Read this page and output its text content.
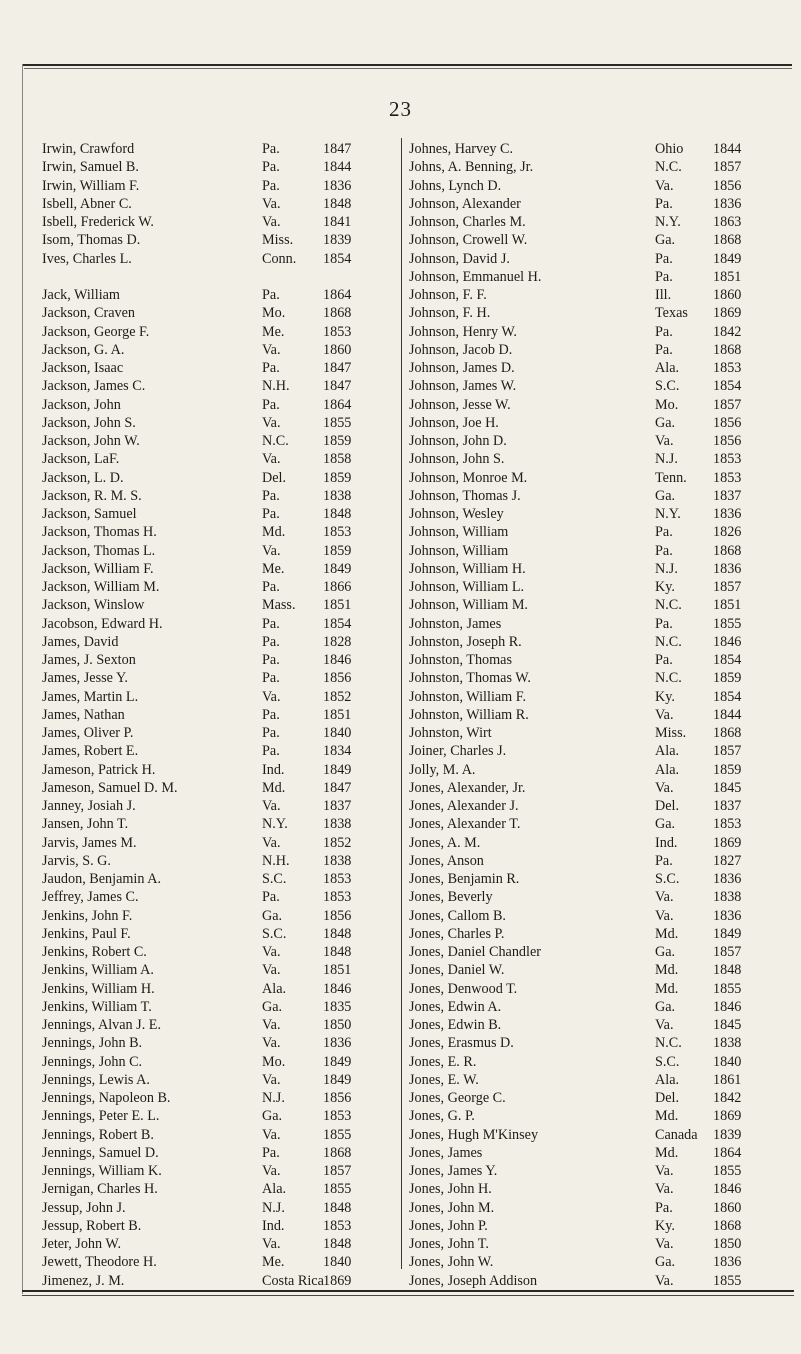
23
Irwin, Crawford	Pa.	1847
Irwin, Samuel B.	Pa.	1844
Irwin, William F.	Pa.	1836
Isbell, Abner C.	Va.	1848
Isbell, Frederick W.	Va.	1841
Isom, Thomas D.	Miss. 1839
Ives, Charles L.	Conn. 1854
Jack, William	Pa.	1864
Jackson, Craven	Mo.	1868
Jackson, George F.	Me.	1853
Jackson, G. A.	Va.	1860
Jackson, Isaac	Pa.	1847
Jackson, James C.	N.H. 1847
Jackson, John	Pa.	1864
Jackson, John S.	Va.	1855
Jackson, John W.	N.C. 1859
Jackson, LaF.	Va.	1858
Jackson, L. D.	Del.	1859
Jackson, R. M. S.	Pa.	1838
Jackson, Samuel	Pa.	1848
Jackson, Thomas H.	Md.	1853
Jackson, Thomas L.	Va.	1859
Jackson, William F.	Me.	1849
Jackson, William M.	Pa.	1866
Jackson, Winslow	Mass. 1851
Jacobson, Edward H.	Pa.	1854
James, David	Pa.	1828
James, J. Sexton	Pa.	1846
James, Jesse Y.	Pa.	1856
James, Martin L.	Va.	1852
James, Nathan	Pa.	1851
James, Oliver P.	Pa.	1840
James, Robert E.	Pa.	1834
Jameson, Patrick H.	Ind.	1849
Jameson, Samuel D. M.	Md.	1847
Janney, Josiah J.	Va.	1837
Jansen, John T.	N.Y. 1838
Jarvis, James M.	Va.	1852
Jarvis, S. G.	N.H. 1838
Jaudon, Benjamin A.	S.C.	1853
Jeffrey, James C.	Pa.	1853
Jenkins, John F.	Ga.	1856
Jenkins, Paul F.	S.C.	1848
Jenkins, Robert C.	Va.	1848
Jenkins, William A.	Va.	1851
Jenkins, William H.	Ala.	1846
Jenkins, William T.	Ga.	1835
Jennings, Alvan J. E.	Va.	1850
Jennings, John B.	Va.	1836
Jennings, John C.	Mo.	1849
Jennings, Lewis A.	Va.	1849
Jennings, Napoleon B.	N.J.	1856
Jennings, Peter E. L.	Ga.	1853
Jennings, Robert B.	Va.	1855
Jennings, Samuel D.	Pa.	1868
Jennings, William K.	Va.	1857
Jernigan, Charles H.	Ala.	1855
Jessup, John J.	N.J.	1848
Jessup, Robert B.	Ind.	1853
Jeter, John W.	Va.	1848
Jewett, Theodore H.	Me.	1840
Jimenez, J. M.	Costa Rica 1869
Johnes, Harvey C.	Ohio 1844
Johns, A. Benning, Jr.	N.C. 1857
Johns, Lynch D.	Va.	1856
Johnson, Alexander	Pa.	1836
Johnson, Charles M.	N.Y. 1863
Johnson, Crowell W.	Ga.	1868
Johnson, David J.	Pa.	1849
Johnson, Emmanuel H.	Pa.	1851
Johnson, F. F.	Ill.	1860
Johnson, F. H.	Texas 1869
Johnson, Henry W.	Pa.	1842
Johnson, Jacob D.	Pa.	1868
Johnson, James D.	Ala. 1853
Johnson, James W.	S.C. 1854
Johnson, Jesse W.	Mo. 1857
Johnson, Joe H.	Ga.	1856
Johnson, John D.	Va.	1856
Johnson, John S.	N.J. 1853
Johnson, Monroe M.	Tenn. 1853
Johnson, Thomas J.	Ga.	1837
Johnson, Wesley	N.Y. 1836
Johnson, William	Pa.	1826
Johnson, William	Pa.	1868
Johnson, William H.	N.J. 1836
Johnson, William L.	Ky.	1857
Johnson, William M.	N.C. 1851
Johnston, James	Pa.	1855
Johnston, Joseph R.	N.C. 1846
Johnston, Thomas	Pa.	1854
Johnston, Thomas W.	N.C. 1859
Johnston, William F.	Ky.	1854
Johnston, William R.	Va.	1844
Johnston, Wirt	Miss. 1868
Joiner, Charles J.	Ala. 1857
Jolly, M. A.	Ala. 1859
Jones, Alexander, Jr.	Va.	1845
Jones, Alexander J.	Del. 1837
Jones, Alexander T.	Ga.	1853
Jones, A. M.	Ind.	1869
Jones, Anson	Pa.	1827
Jones, Benjamin R.	S.C. 1836
Jones, Beverly	Va.	1838
Jones, Callom B.	Va.	1836
Jones, Charles P.	Md. 1849
Jones, Daniel Chandler	Ga.	1857
Jones, Daniel W.	Md. 1848
Jones, Denwood T.	Md. 1855
Jones, Edwin A.	Ga.	1846
Jones, Edwin B.	Va.	1845
Jones, Erasmus D.	N.C. 1838
Jones, E. R.	S.C. 1840
Jones, E. W.	Ala. 1861
Jones, George C.	Del. 1842
Jones, G. P.	Md. 1869
Jones, Hugh M'Kinsey	Canada 1839
Jones, James	Md. 1864
Jones, James Y.	Va.	1855
Jones, John H.	Va.	1846
Jones, John M.	Pa.	1860
Jones, John P.	Ky.	1868
Jones, John T.	Va.	1850
Jones, John W.	Ga.	1836
Jones, Joseph Addison	Va.	1855
